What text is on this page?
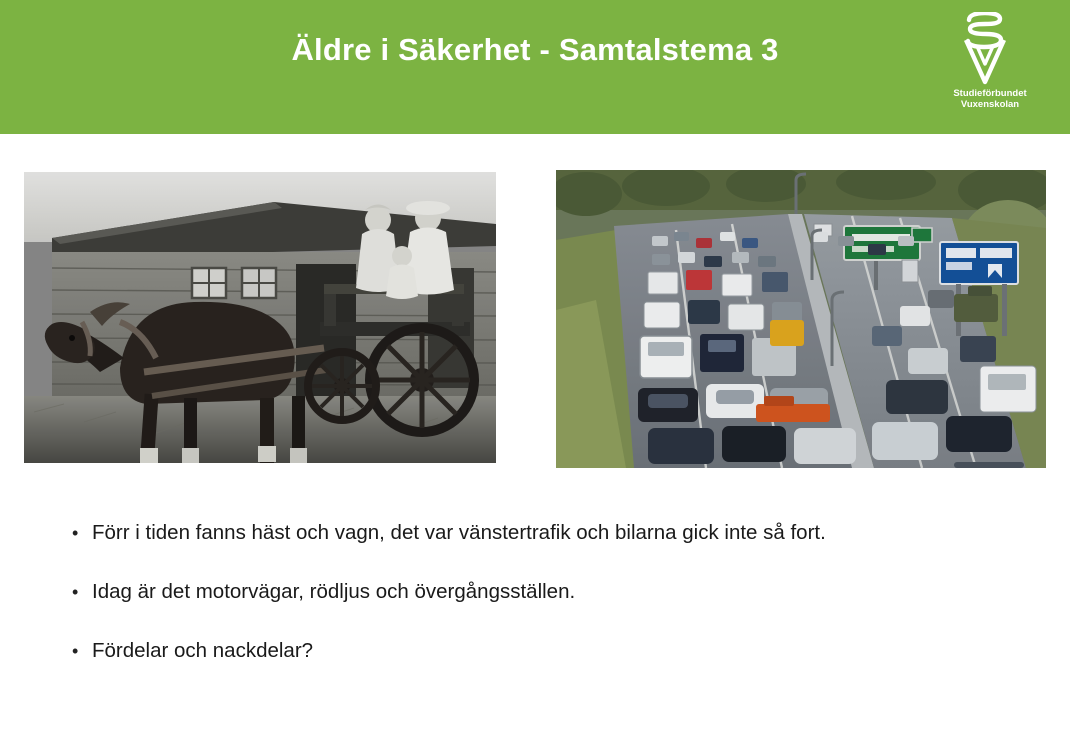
Äldre i Säkerhet - Samtalstema 3
Studieförbundet
Vuxenskolan
• Förr i tiden fanns häst och vagn, det var vänstertrafik och bilarna gick inte så fort.
• Idag är det motorvägar, rödljus och övergångsställen.
• Fördelar och nackdelar?
